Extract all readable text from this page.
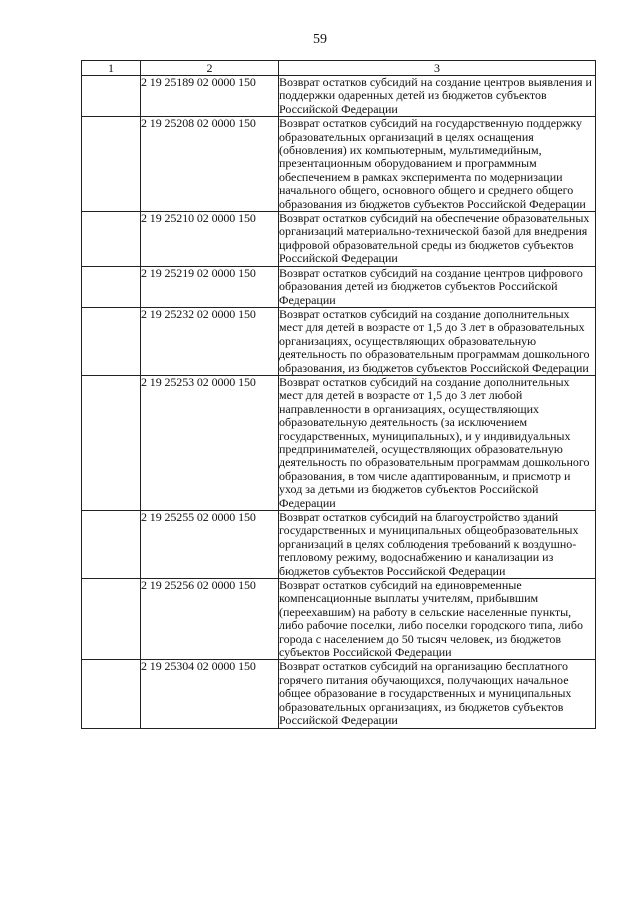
59
1	2	3
	2 19 25189 02 0000 150	Возврат остатков субсидий на создание центров выявления и поддержки одаренных детей из бюджетов субъектов Российской Федерации
	2 19 25208 02 0000 150	Возврат остатков субсидий на государственную поддержку образовательных организаций в целях оснащения (обновления) их компьютерным, мультимедийным, презентационным оборудованием и программным обеспечением в рамках эксперимента по модернизации начального общего, основного общего и среднего общего образования из бюджетов субъектов Российской Федерации
	2 19 25210 02 0000 150	Возврат остатков субсидий на обеспечение образовательных организаций материально-технической базой для внедрения цифровой образовательной среды из бюджетов субъектов Российской Федерации
	2 19 25219 02 0000 150	Возврат остатков субсидий на создание центров цифрового образования детей из бюджетов субъектов Российской Федерации
	2 19 25232 02 0000 150	Возврат остатков субсидий на создание дополнительных мест для детей в возрасте от 1,5 до 3 лет в образовательных организациях, осуществляющих образовательную деятельность по образовательным программам дошкольного образования, из бюджетов субъектов Российской Федерации
	2 19 25253 02 0000 150	Возврат остатков субсидий на создание дополнительных мест для детей в возрасте от 1,5 до 3 лет любой направленности в организациях, осуществляющих образовательную деятельность (за исключением государственных, муниципальных), и у индивидуальных предпринимателей, осуществляющих образовательную деятельность по образовательным программам дошкольного образования, в том числе адаптированным, и присмотр и уход за детьми из бюджетов субъектов Российской Федерации
	2 19 25255 02 0000 150	Возврат остатков субсидий на благоустройство зданий государственных и муниципальных общеобразовательных организаций в целях соблюдения требований к воздушно-тепловому режиму, водоснабжению и канализации из бюджетов субъектов Российской Федерации
	2 19 25256 02 0000 150	Возврат остатков субсидий на единовременные компенсационные выплаты учителям, прибывшим (переехавшим) на работу в сельские населенные пункты, либо рабочие поселки, либо поселки городского типа, либо города с населением до 50 тысяч человек, из бюджетов субъектов Российской Федерации
	2 19 25304 02 0000 150	Возврат остатков субсидий на организацию бесплатного горячего питания обучающихся, получающих начальное общее образование в государственных и муниципальных образовательных организациях, из бюджетов субъектов Российской Федерации
